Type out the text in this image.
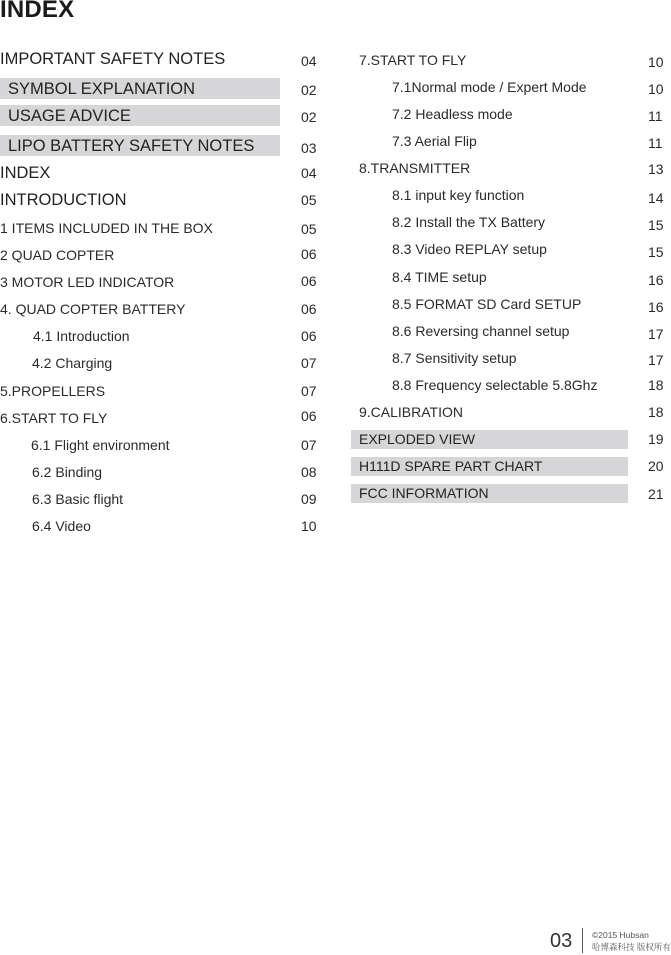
INDEX
IMPORTANT SAFETY NOTES	04
SYMBOL EXPLANATION	02
USAGE ADVICE	02
LIPO BATTERY SAFETY NOTES	03
INDEX	04
INTRODUCTION	05
1 ITEMS INCLUDED IN THE BOX	05
2 QUAD COPTER	06
3 MOTOR LED INDICATOR	06
4. QUAD COPTER BATTERY	06
4.1 Introduction	06
4.2 Charging	07
5.PROPELLERS	07
6.START TO FLY	06
6.1 Flight environment	07
6.2 Binding	08
6.3 Basic flight	09
6.4 Video	10
7.START TO FLY	10
7.1Normal mode / Expert Mode	10
7.2 Headless mode	11
7.3 Aerial Flip	11
8.TRANSMITTER	13
8.1 input key function	14
8.2 Install the TX Battery	15
8.3 Video REPLAY setup	15
8.4 TIME setup	16
8.5 FORMAT SD Card SETUP	16
8.6 Reversing channel setup	17
8.7 Sensitivity setup	17
8.8 Frequency selectable 5.8Ghz	18
9.CALIBRATION	18
EXPLODED VIEW	19
H111D SPARE PART CHART	20
FCC INFORMATION	21
03 ©2015 Hubsan
哈博森科技 版权所有
